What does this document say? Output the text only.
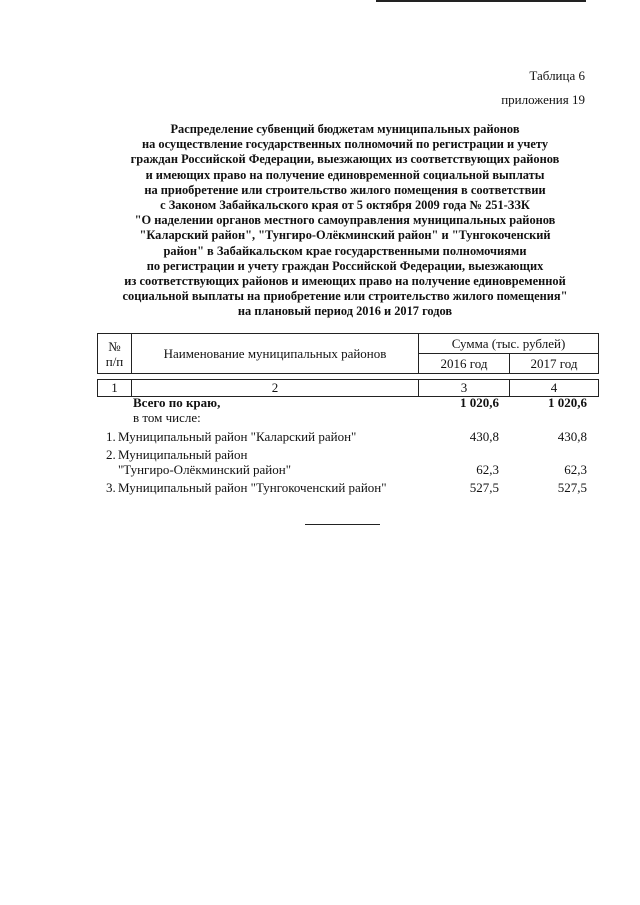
Таблица 6
приложения 19
Распределение субвенций бюджетам муниципальных районов
на осуществление государственных полномочий по регистрации и учету
граждан Российской Федерации, выезжающих из соответствующих районов
и имеющих право на получение единовременной социальной выплаты
на приобретение или строительство жилого помещения в соответствии
с Законом Забайкальского края от 5 октября 2009 года № 251-ЗЗК
"О наделении органов местного самоуправления муниципальных районов
"Каларский район", "Тунгиро-Олёкминский район" и "Тунгокоченский
район" в Забайкальском крае государственными полномочиями
по регистрации и учету граждан Российской Федерации, выезжающих
из соответствующих районов и имеющих право на получение единовременной
социальной выплаты на приобретение или строительство жилого помещения"
на плановый период 2016 и 2017 годов
№
п/п	Наименование муниципальных районов	Сумма (тыс. рублей)	
		2016 год	2017 год

1	2	3	4
Всего по краю,	1 020,6	1 020,6
в том числе:
1. Муниципальный район "Каларский район"	430,8	430,8
2. Муниципальный район
"Тунгиро-Олёкминский район"	62,3	62,3
3. Муниципальный район "Тунгокоченский район"	527,5	527,5
